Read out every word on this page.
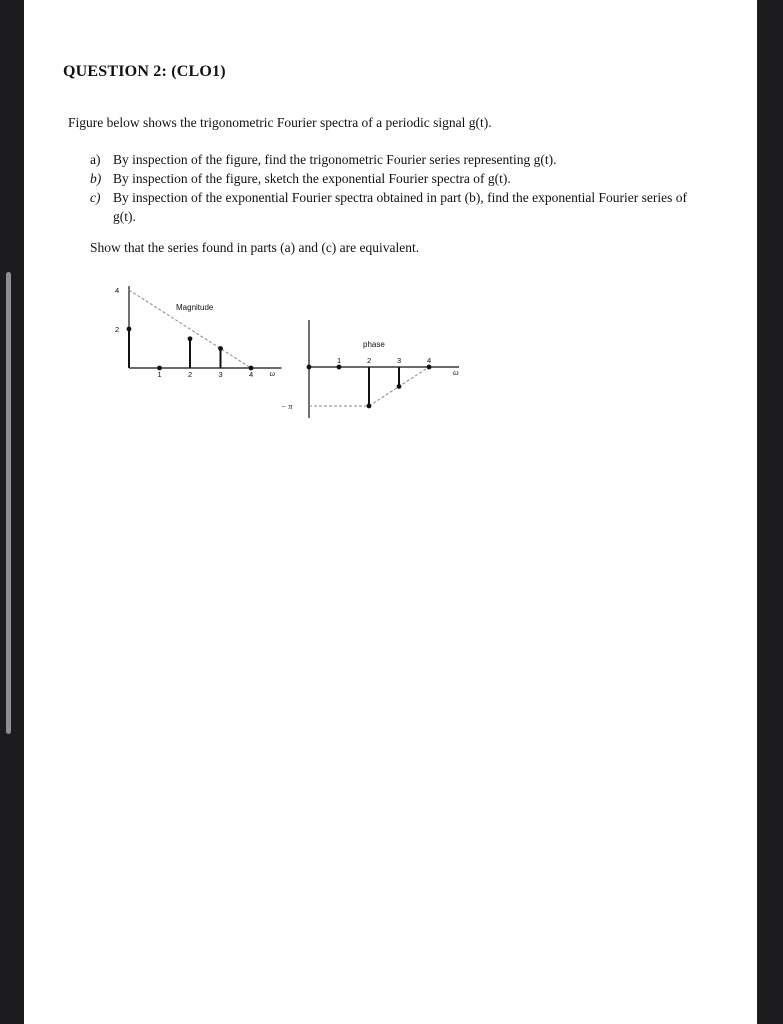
QUESTION 2: (CLO1)
Figure below shows the trigonometric Fourier spectra of a periodic signal g(t).
a) By inspection of the figure, find the trigonometric Fourier series representing g(t).
b) By inspection of the figure, sketch the exponential Fourier spectra of g(t).
c) By inspection of the exponential Fourier spectra obtained in part (b), find the exponential Fourier series of g(t).
Show that the series found in parts (a) and (c) are equivalent.
4
2
1	2	3	4 ω
Magnitude
1	2	3	4
ω
− π
phase
